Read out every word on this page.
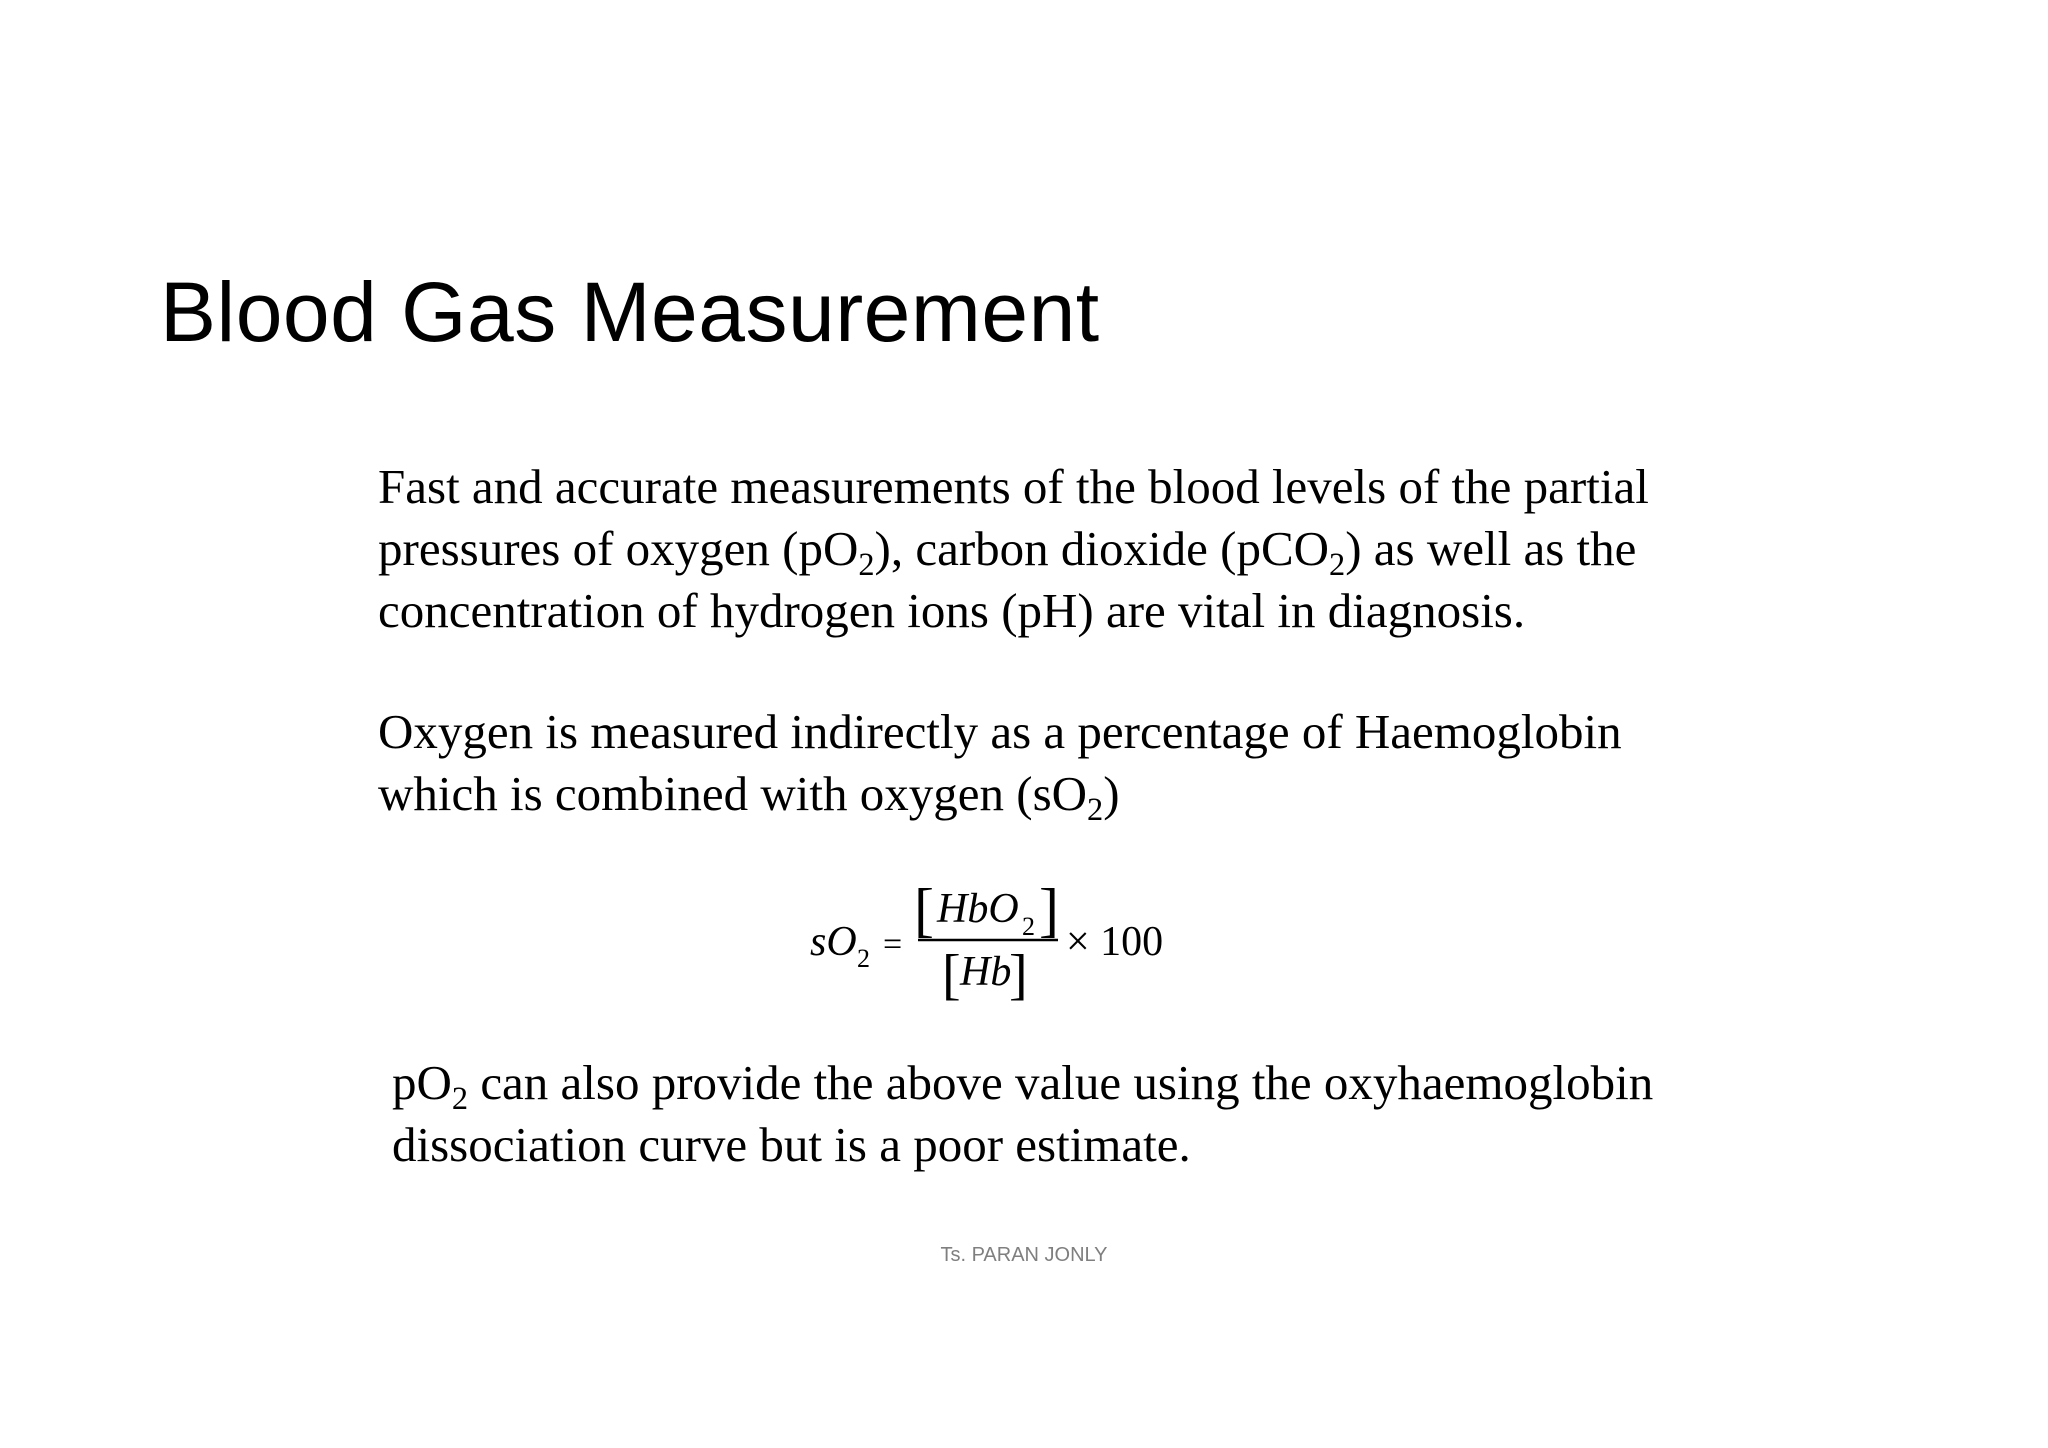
Blood Gas Measurement

Fast and accurate measurements of the blood levels of the partial
pressures of oxygen $(pO_2)$, carbon dioxide (pCO$_2$) as well as the
concentration of hydrogen ions (pH) are vital in diagnosis.

Oxygen is measured indirectly as a percentage of Haemoglobin
which is combined with oxygen $(sO_2)$

sO 2 =
[ HbO 2 ]
[ Hb
]
× 100

$pO_2$ can also provide the above value using the oxyhaemoglobin
dissociation curve but is a poor estimate.

Ts. PARAN JONLY
